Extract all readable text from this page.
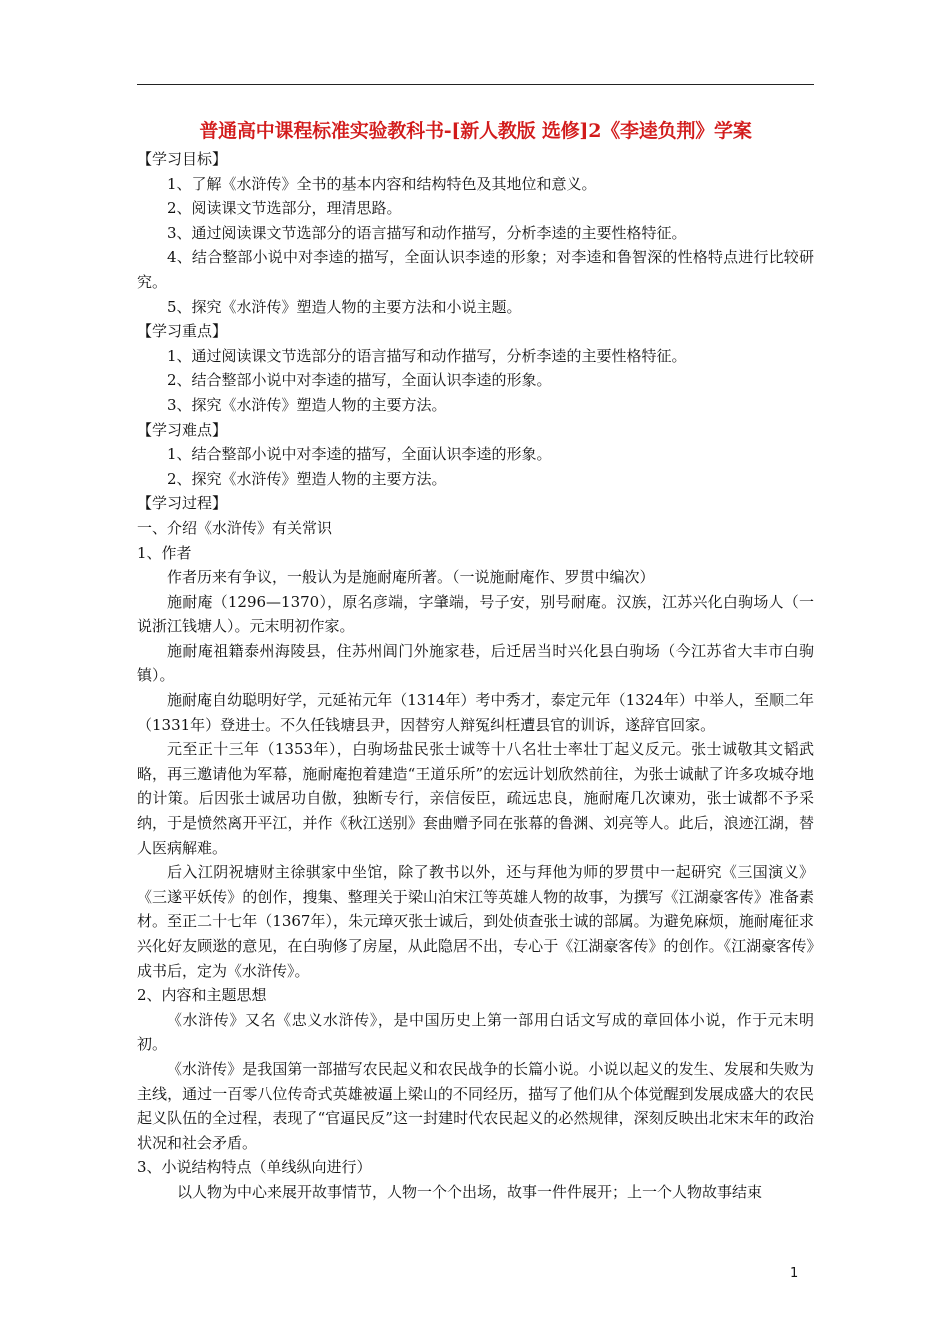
普通高中课程标准实验教科书-[新人教版 选修]2《李逵负荆》学案

【学习目标】

1、了解《水浒传》全书的基本内容和结构特色及其地位和意义。

2、阅读课文节选部分，理清思路。

3、通过阅读课文节选部分的语言描写和动作描写，分析李逵的主要性格特征。

4、结合整部小说中对李逵的描写，全面认识李逵的形象；对李逵和鲁智深的性格特点进行比较研究。

5、探究《水浒传》塑造人物的主要方法和小说主题。

【学习重点】

1、通过阅读课文节选部分的语言描写和动作描写，分析李逵的主要性格特征。

2、结合整部小说中对李逵的描写，全面认识李逵的形象。

3、探究《水浒传》塑造人物的主要方法。

【学习难点】

1、结合整部小说中对李逵的描写，全面认识李逵的形象。

2、探究《水浒传》塑造人物的主要方法。

【学习过程】

一、介绍《水浒传》有关常识

1、作者

作者历来有争议，一般认为是施耐庵所著。（一说施耐庵作、罗贯中编次）

施耐庵（1296—1370），原名彦端，字肇端，号子安，别号耐庵。汉族，江苏兴化白驹场人（一说浙江钱塘人）。元末明初作家。

施耐庵祖籍泰州海陵县，住苏州阊门外施家巷，后迁居当时兴化县白驹场（今江苏省大丰市白驹镇）。

施耐庵自幼聪明好学，元延祐元年（1314年）考中秀才，泰定元年（1324年）中举人，至顺二年（1331年）登进士。不久任钱塘县尹，因替穷人辩冤纠枉遭县官的训诉，遂辞官回家。

元至正十三年（1353年），白驹场盐民张士诚等十八名壮士率壮丁起义反元。张士诚敬其文韬武略，再三邀请他为军幕，施耐庵抱着建造“王道乐所”的宏远计划欣然前往，为张士诚献了许多攻城夺地的计策。后因张士诚居功自傲，独断专行，亲信佞臣，疏远忠良，施耐庵几次谏劝，张士诚都不予采纳，于是愤然离开平江，并作《秋江送别》套曲赠予同在张幕的鲁渊、刘亮等人。此后，浪迹江湖，替人医病解难。

后入江阴祝塘财主徐骐家中坐馆，除了教书以外，还与拜他为师的罗贯中一起研究《三国演义》《三遂平妖传》的创作，搜集、整理关于梁山泊宋江等英雄人物的故事，为撰写《江湖豪客传》准备素材。至正二十七年（1367年），朱元璋灭张士诚后，到处侦查张士诚的部属。为避免麻烦，施耐庵征求兴化好友顾逖的意见，在白驹修了房屋，从此隐居不出，专心于《江湖豪客传》的创作。《江湖豪客传》成书后，定为《水浒传》。

2、内容和主题思想

《水浒传》又名《忠义水浒传》，是中国历史上第一部用白话文写成的章回体小说，作于元末明初。

《水浒传》是我国第一部描写农民起义和农民战争的长篇小说。小说以起义的发生、发展和失败为主线，通过一百零八位传奇式英雄被逼上梁山的不同经历，描写了他们从个体觉醒到发展成盛大的农民起义队伍的全过程，表现了“官逼民反”这一封建时代农民起义的必然规律，深刻反映出北宋末年的政治状况和社会矛盾。

3、小说结构特点（单线纵向进行）

以人物为中心来展开故事情节，人物一个个出场，故事一件件展开；上一个人物故事结束

1
